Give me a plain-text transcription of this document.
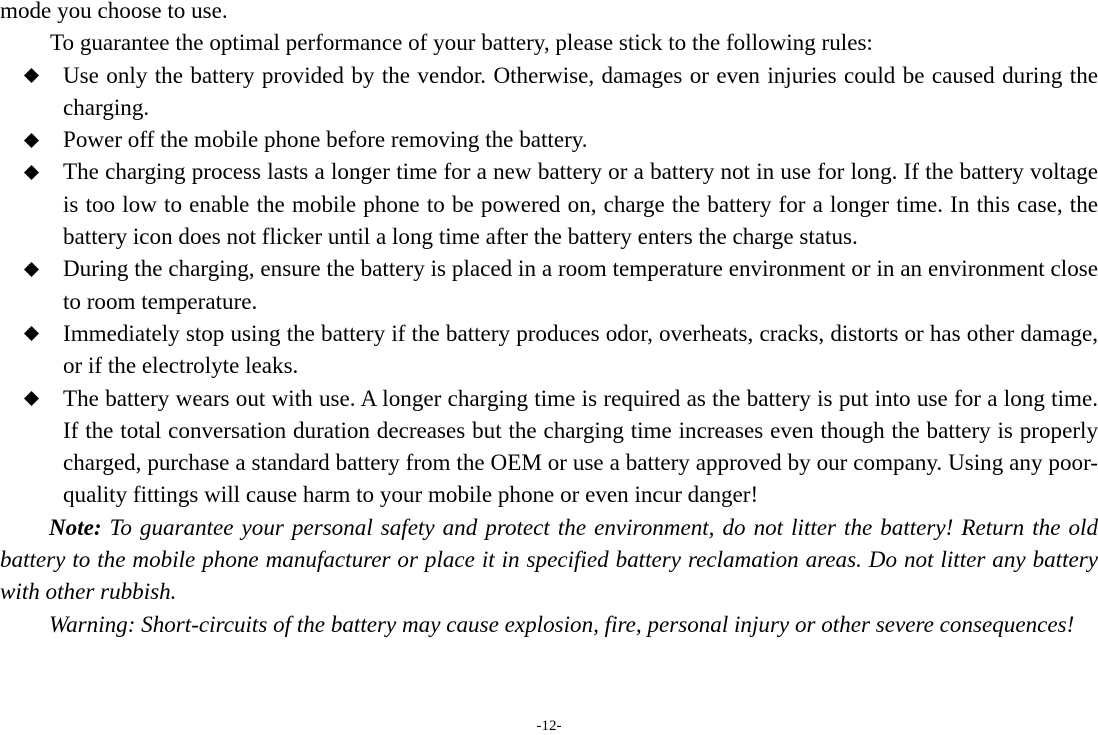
mode you choose to use.

To guarantee the optimal performance of your battery, please stick to the following rules:

Use only the battery provided by the vendor. Otherwise, damages or even injuries could be caused during the charging.
Power off the mobile phone before removing the battery.
The charging process lasts a longer time for a new battery or a battery not in use for long. If the battery voltage is too low to enable the mobile phone to be powered on, charge the battery for a longer time. In this case, the battery icon does not flicker until a long time after the battery enters the charge status.
During the charging, ensure the battery is placed in a room temperature environment or in an environment close to room temperature.
Immediately stop using the battery if the battery produces odor, overheats, cracks, distorts or has other damage, or if the electrolyte leaks.
The battery wears out with use. A longer charging time is required as the battery is put into use for a long time. If the total conversation duration decreases but the charging time increases even though the battery is properly charged, purchase a standard battery from the OEM or use a battery approved by our company. Using any poor-quality fittings will cause harm to your mobile phone or even incur danger!

Note: To guarantee your personal safety and protect the environment, do not litter the battery! Return the old battery to the mobile phone manufacturer or place it in specified battery reclamation areas. Do not litter any battery with other rubbish.

Warning: Short-circuits of the battery may cause explosion, fire, personal injury or other severe consequences!

-12-
